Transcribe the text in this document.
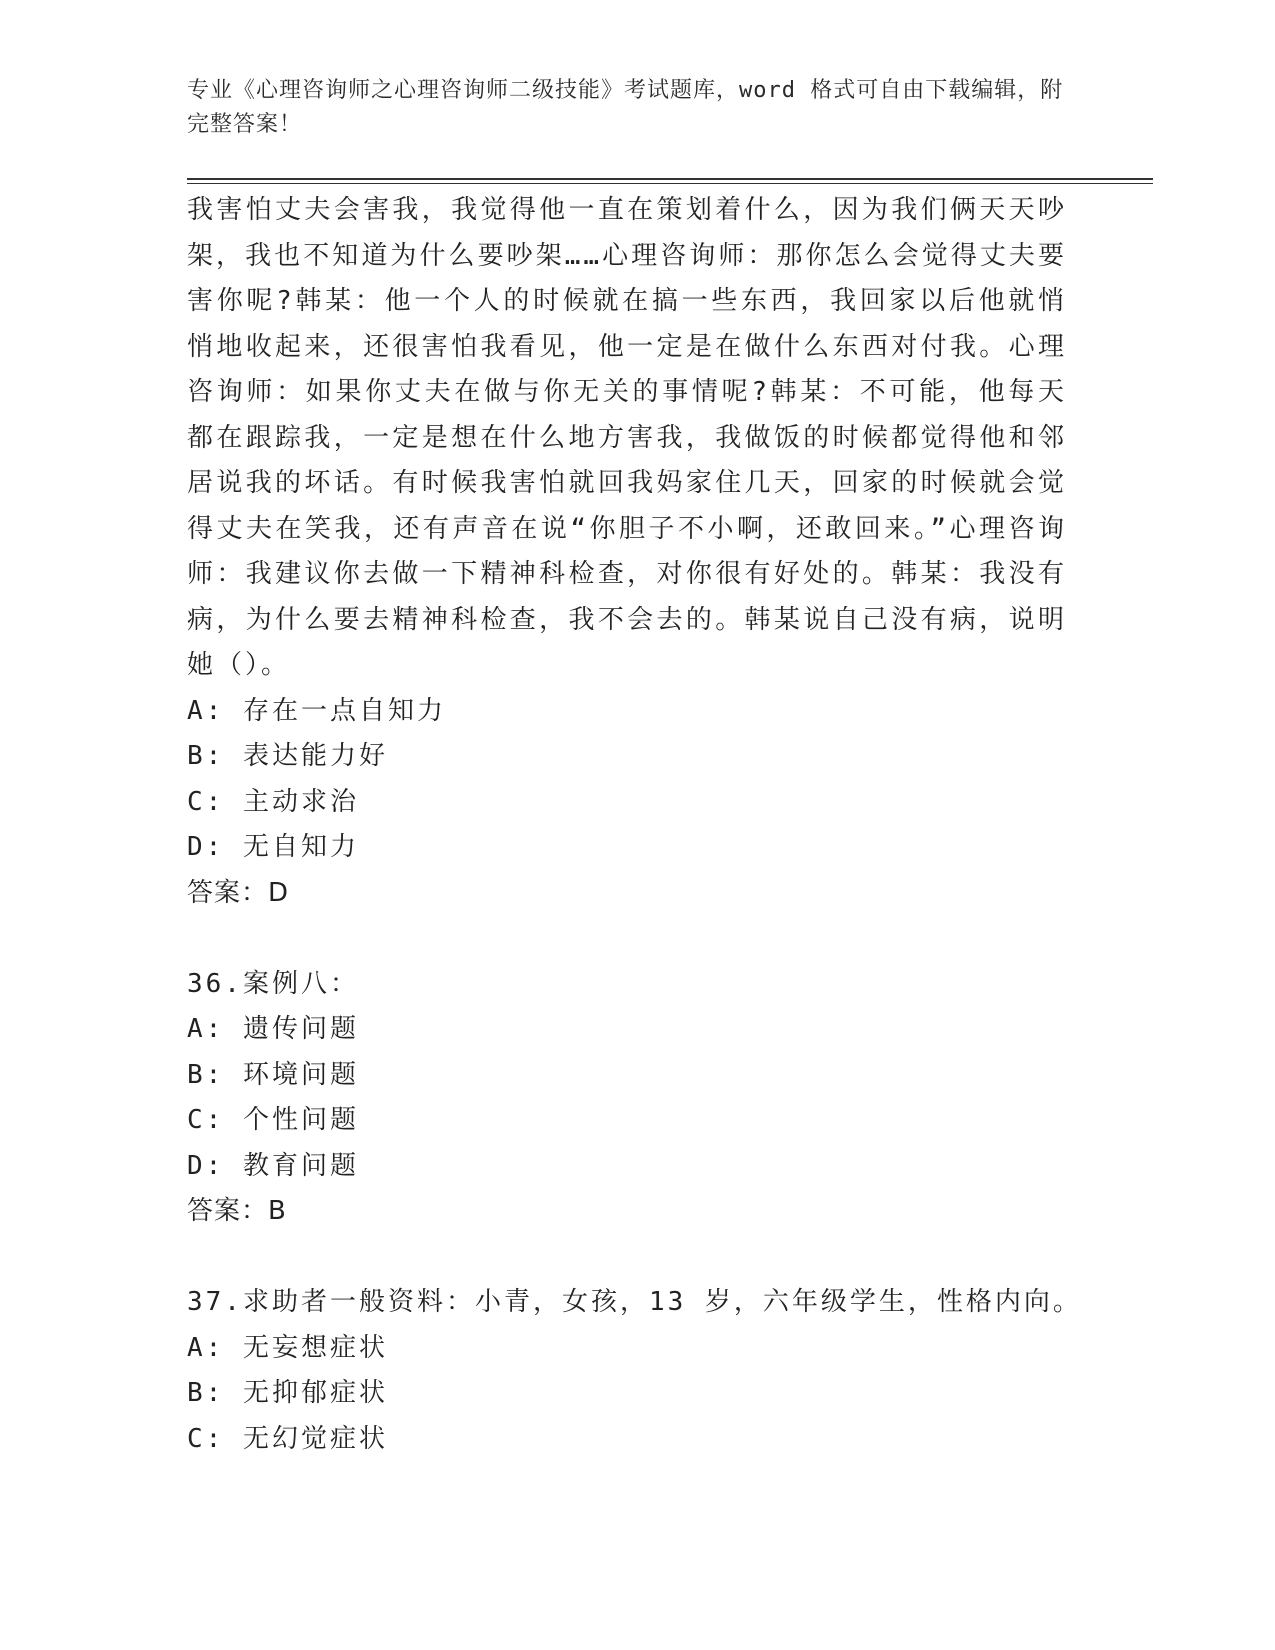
专业《心理咨询师之心理咨询师二级技能》考试题库，word 格式可自由下载编辑，附完整答案！

我害怕丈夫会害我，我觉得他一直在策划着什么，因为我们俩天天吵架，我也不知道为什么要吵架……心理咨询师：那你怎么会觉得丈夫要害你呢?韩某：他一个人的时候就在搞一些东西，我回家以后他就悄悄地收起来，还很害怕我看见，他一定是在做什么东西对付我。心理咨询师：如果你丈夫在做与你无关的事情呢?韩某：不可能，他每天都在跟踪我，一定是想在什么地方害我，我做饭的时候都觉得他和邻居说我的坏话。有时候我害怕就回我妈家住几天，回家的时候就会觉得丈夫在笑我，还有声音在说“你胆子不小啊，还敢回来。”心理咨询师：我建议你去做一下精神科检查，对你很有好处的。韩某：我没有病，为什么要去精神科检查，我不会去的。韩某说自己没有病，说明她（）。

A: 存在一点自知力

B: 表达能力好

C: 主动求治

D: 无自知力

答案：D

36.案例八：

A: 遗传问题

B: 环境问题

C: 个性问题

D: 教育问题

答案：B

37.求助者一般资料：小青，女孩，13 岁，六年级学生，性格内向。

A: 无妄想症状

B: 无抑郁症状

C: 无幻觉症状
